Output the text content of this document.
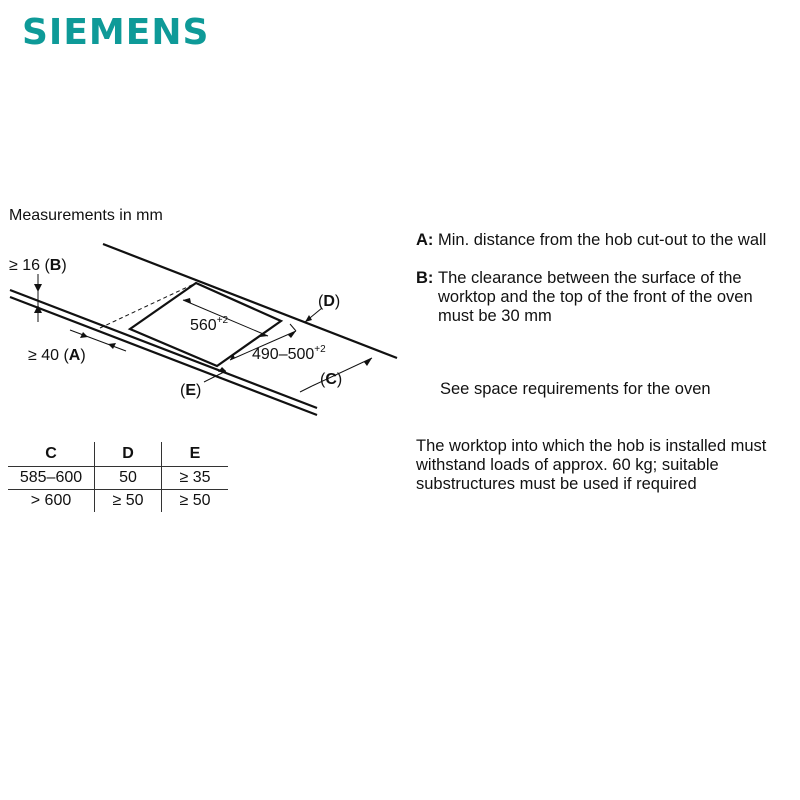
SIEMENS
Measurements in mm
≥ 16 (B)
≥ 40 (A)
(D)
(C)
(E)
$560^{+2}$
$490-500^{+2}$
C	D	E
585–600	50	≥ 35
> 600	≥ 50	≥ 50
A: Min. distance from the hob cut-out to the wall
B: The clearance between the surface of the worktop and the top of the front of the oven must be 30 mm
See space requirements for the oven
The worktop into which the hob is installed must withstand loads of approx. 60 kg; suitable substructures must be used if required
